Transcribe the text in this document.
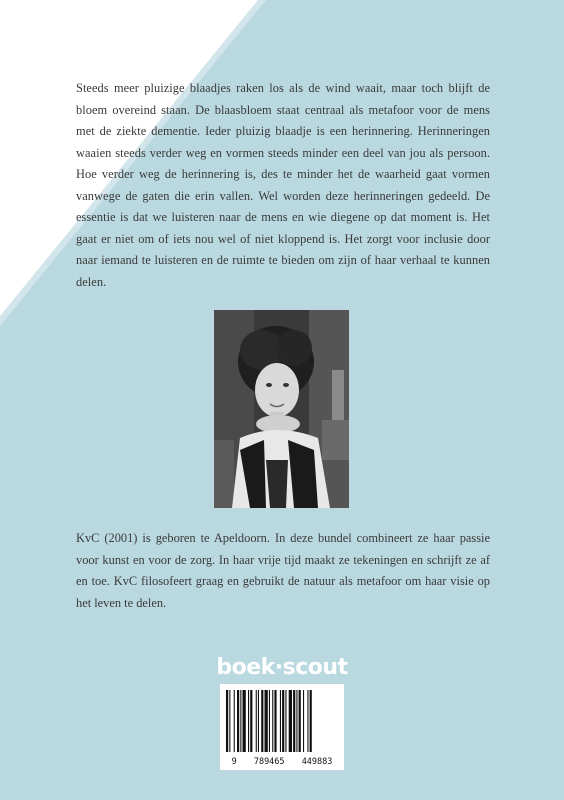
Steeds meer pluizige blaadjes raken los als de wind waait, maar toch blijft de bloem overeind staan. De blaasbloem staat centraal als metafoor voor de mens met de ziekte dementie. Ieder pluizig blaadje is een herinnering. Herinneringen waaien steeds verder weg en vormen steeds minder een deel van jou als persoon. Hoe verder weg de herinnering is, des te minder het de waarheid gaat vormen vanwege de gaten die erin vallen. Wel worden deze herinneringen gedeeld. De essentie is dat we luisteren naar de mens en wie diegene op dat moment is. Het gaat er niet om of iets nou wel of niet kloppend is. Het zorgt voor inclusie door naar iemand te luisteren en de ruimte te bieden om zijn of haar verhaal te kunnen delen.

KvC (2001) is geboren te Apeldoorn. In deze bundel combineert ze haar passie voor kunst en voor de zorg. In haar vrije tijd maakt ze tekeningen en schrijft ze af en toe. KvC filosofeert graag en gebruikt de natuur als metafoor om haar visie op het leven te delen.

boek·scout
9 789465 449883
